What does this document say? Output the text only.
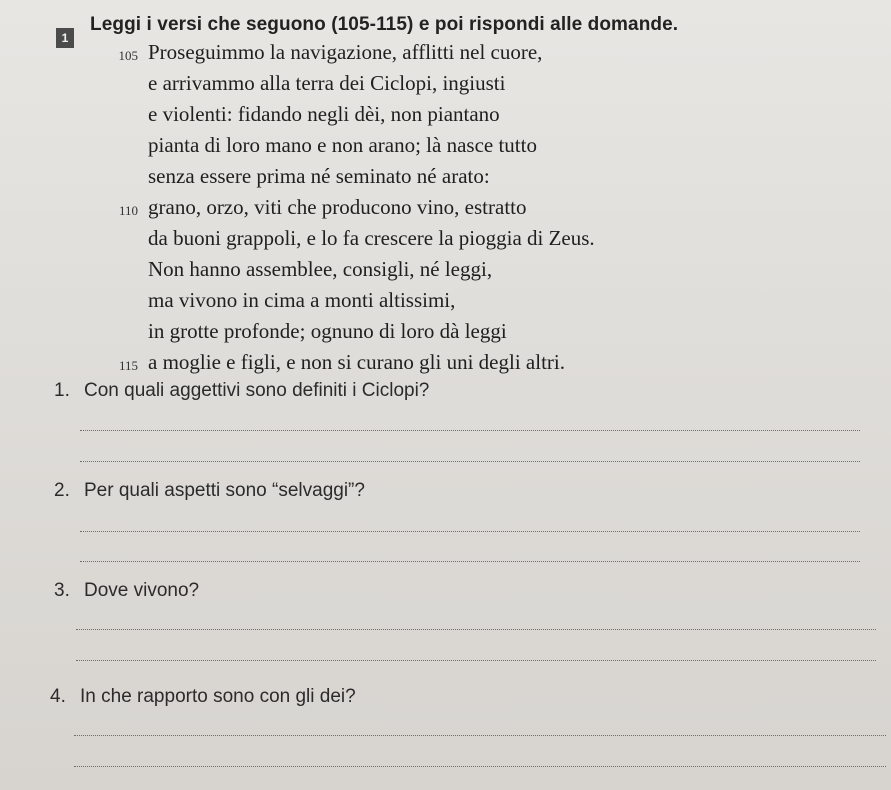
1
Leggi i versi che seguono (105-115) e poi rispondi alle domande.
105 Proseguimmo la navigazione, afflitti nel cuore,
e arrivammo alla terra dei Ciclopi, ingiusti
e violenti: fidando negli dèi, non piantano
pianta di loro mano e non arano; là nasce tutto
senza essere prima né seminato né arato:
110 grano, orzo, viti che producono vino, estratto
da buoni grappoli, e lo fa crescere la pioggia di Zeus.
Non hanno assemblee, consigli, né leggi,
ma vivono in cima a monti altissimi,
in grotte profonde; ognuno di loro dà leggi
115 a moglie e figli, e non si curano gli uni degli altri.
1. Con quali aggettivi sono definiti i Ciclopi?
2. Per quali aspetti sono “selvaggi”?
3. Dove vivono?
4. In che rapporto sono con gli dei?
